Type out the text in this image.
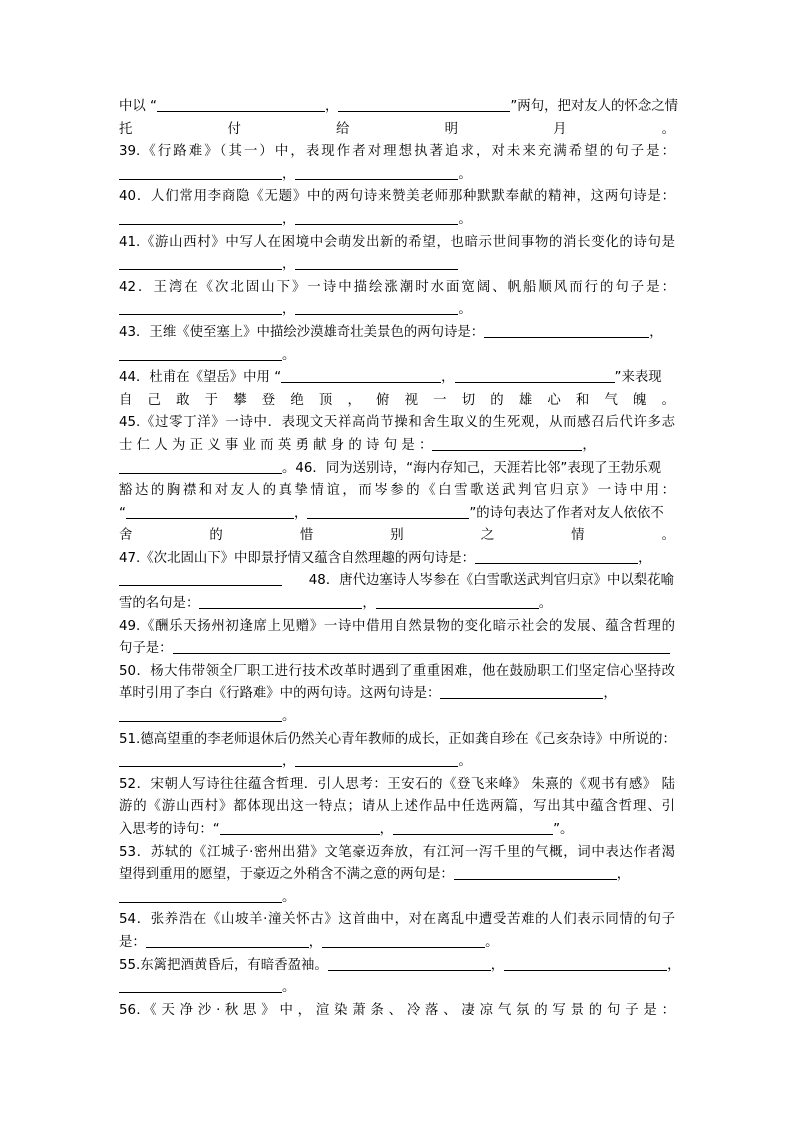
中以 “	，	”两句，把对友人的怀念之情
托付给明月。
39.《行路难》（其一）中，表现作者对理想执著追求，对未来充满希望的句子是：
，	。
40．人们常用李商隐《无题》中的两句诗来赞美老师那种默默奉献的精神，这两句诗是：
，	。
41.《游山西村》中写人在困境中会萌发出新的希望，也暗示世间事物的消长变化的诗句是
，
42．王湾在《次北固山下》一诗中描绘涨潮时水面宽阔、帆船顺风而行的句子是：
，	。
43．王维《使至塞上》中描绘沙漠雄奇壮美景色的两句诗是：	，
。
44．杜甫在《望岳》中用 “	，	”来表现
自己敢于攀登绝顶，俯视一切的雄心和气魄。
45.《过零丁洋》一诗中．表现文天祥高尚节操和舍生取义的生死观，从而感召后代许多志
士 仁 人 为 正 义 事 业 而 英 勇 献 身 的 诗 句 是 ：	，
。46．同为送别诗，“海内存知己，天涯若比邻”表现了王勃乐观
豁达的胸襟和对友人的真挚情谊，而岑参的《白雪歌送武判官归京》一诗中用：
“	，	”的诗句表达了作者对友人依依不
舍的惜别之情。
47.《次北固山下》中即景抒情又蕴含自然理趣的两句诗是：	，
　　48．唐代边塞诗人岑参在《白雪歌送武判官归京》中以梨花喻
雪的名句是：	，	。
49.《酬乐天扬州初逢席上见赠》一诗中借用自然景物的变化暗示社会的发展、蕴含哲理的
句子是：
50．杨大伟带领全厂职工进行技术改革时遇到了重重困难，他在鼓励职工们坚定信心坚持改
革时引用了李白《行路难》中的两句诗。这两句诗是：	，
。
51.德高望重的李老师退休后仍然关心青年教师的成长，正如龚自珍在《己亥杂诗》中所说的：
，	。
52．宋朝人写诗往往蕴含哲理．引人思考：王安石的《登飞来峰》 朱熹的《观书有感》 陆
游的《游山西村》都体现出这一特点；请从上述作品中任选两篇，写出其中蕴含哲理、引
入思考的诗句：“	，	”。
53．苏轼的《江城子·密州出猎》文笔豪迈奔放，有江河一泻千里的气概，词中表达作者渴
望得到重用的愿望，于豪迈之外稍含不满之意的两句是：	，
。
54．张养浩在《山坡羊·潼关怀古》这首曲中，对在离乱中遭受苦难的人们表示同情的句子
是：	，	。
55.东篱把酒黄昏后，有暗香盈袖。	，	，
。
56．《 天 净 沙 · 秋 思 》 中 ， 渲 染 萧 条 、 冷 落 、 凄 凉 气 氛 的 写 景 的 句 子 是 ：
